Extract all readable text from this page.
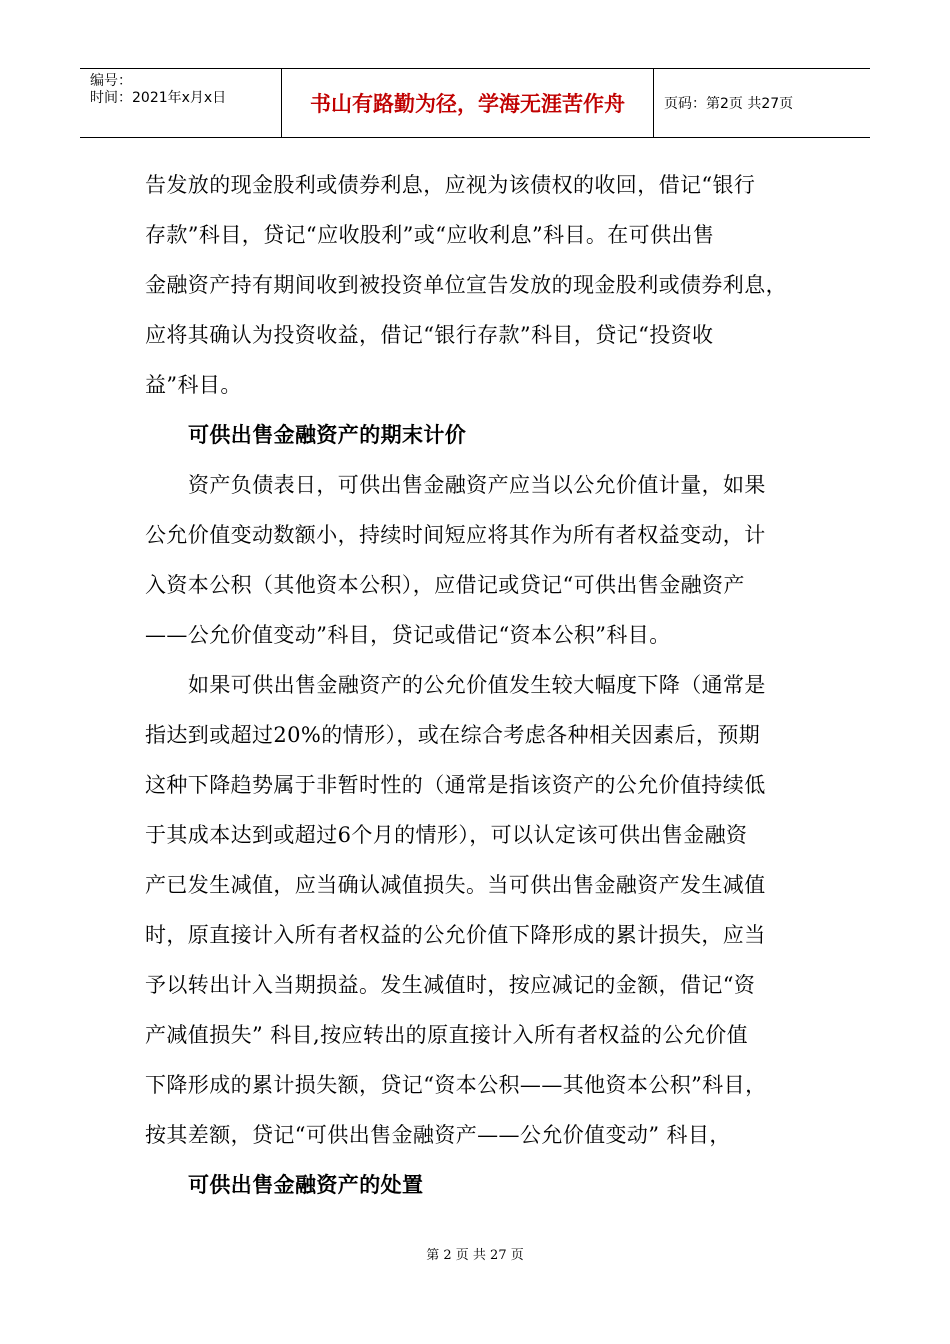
编号：
时间：2021年x月x日	书山有路勤为径，学海无涯苦作舟	页码：第2页 共27页
告发放的现金股利或债券利息，应视为该债权的收回，借记“银行
存款”科目，贷记“应收股利”或“应收利息”科目。在可供出售
金融资产持有期间收到被投资单位宣告发放的现金股利或债券利息，
应将其确认为投资收益，借记“银行存款”科目，贷记“投资收
益”科目。
可供出售金融资产的期末计价
资产负债表日，可供出售金融资产应当以公允价值计量，如果
公允价值变动数额小，持续时间短应将其作为所有者权益变动，计
入资本公积（其他资本公积），应借记或贷记“可供出售金融资产
——公允价值变动”科目，贷记或借记“资本公积”科目。
如果可供出售金融资产的公允价值发生较大幅度下降（通常是
指达到或超过20%的情形），或在综合考虑各种相关因素后，预期
这种下降趋势属于非暂时性的（通常是指该资产的公允价值持续低
于其成本达到或超过6个月的情形），可以认定该可供出售金融资
产已发生减值，应当确认减值损失。当可供出售金融资产发生减值
时，原直接计入所有者权益的公允价值下降形成的累计损失，应当
予以转出计入当期损益。发生减值时，按应减记的金额，借记“资
产减值损失” 科目,按应转出的原直接计入所有者权益的公允价值
下降形成的累计损失额，贷记“资本公积——其他资本公积”科目，
按其差额，贷记“可供出售金融资产——公允价值变动” 科目，
可供出售金融资产的处置
第 2 页 共 27 页
